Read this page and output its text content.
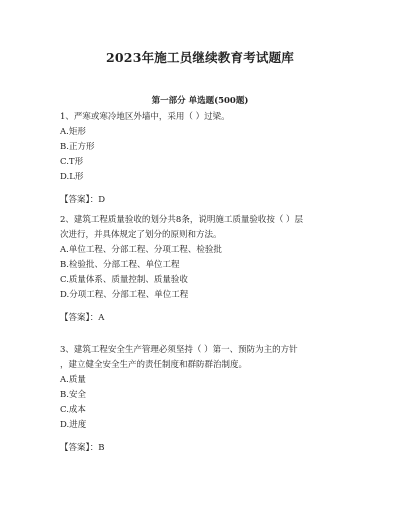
2023年施工员继续教育考试题库
第一部分 单选题(500题)
1、严寒或寒冷地区外墙中，采用（ ）过梁。
A.矩形
B.正方形
C.T形
D.L形
【答案】：D
2、建筑工程质量验收的划分共8条，说明施工质量验收按（ ）层
次进行，并具体规定了划分的原则和方法。
A.单位工程、分部工程、分项工程、检验批
B.检验批、分部工程、单位工程
C.质量体系、质量控制、质量验收
D.分项工程、分部工程、单位工程
【答案】：A
3、建筑工程安全生产管理必须坚持（ ）第一、预防为主的方针
，建立健全安全生产的责任制度和群防群治制度。
A.质量
B.安全
C.成本
D.进度
【答案】：B
